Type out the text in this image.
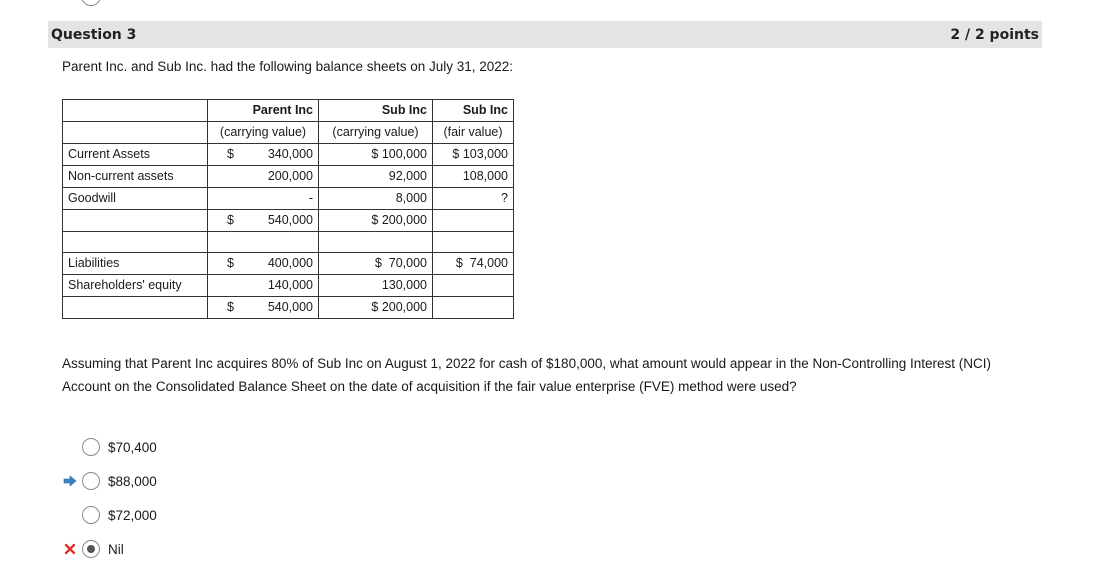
Question 3	2 / 2 points
Parent Inc. and Sub Inc. had the following balance sheets on July 31, 2022:
	Parent Inc	Sub Inc	Sub Inc
	(carrying value)	(carrying value)	(fair value)
Current Assets	$ 340,000	$ 100,000	$ 103,000
Non-current assets	200,000	92,000	108,000
Goodwill	-	8,000	?

	$ 540,000	$ 200,000	

Liabilities	$ 400,000	$  70,000	$  74,000
Shareholders' equity	140,000	130,000	

	$ 540,000	$ 200,000	
Assuming that Parent Inc acquires 80% of Sub Inc on August 1, 2022 for cash of $180,000, what amount would appear in the Non-Controlling Interest (NCI) Account on the Consolidated Balance Sheet on the date of acquisition if the fair value enterprise (FVE) method were used?
$70,400
$88,000
$72,000
Nil
